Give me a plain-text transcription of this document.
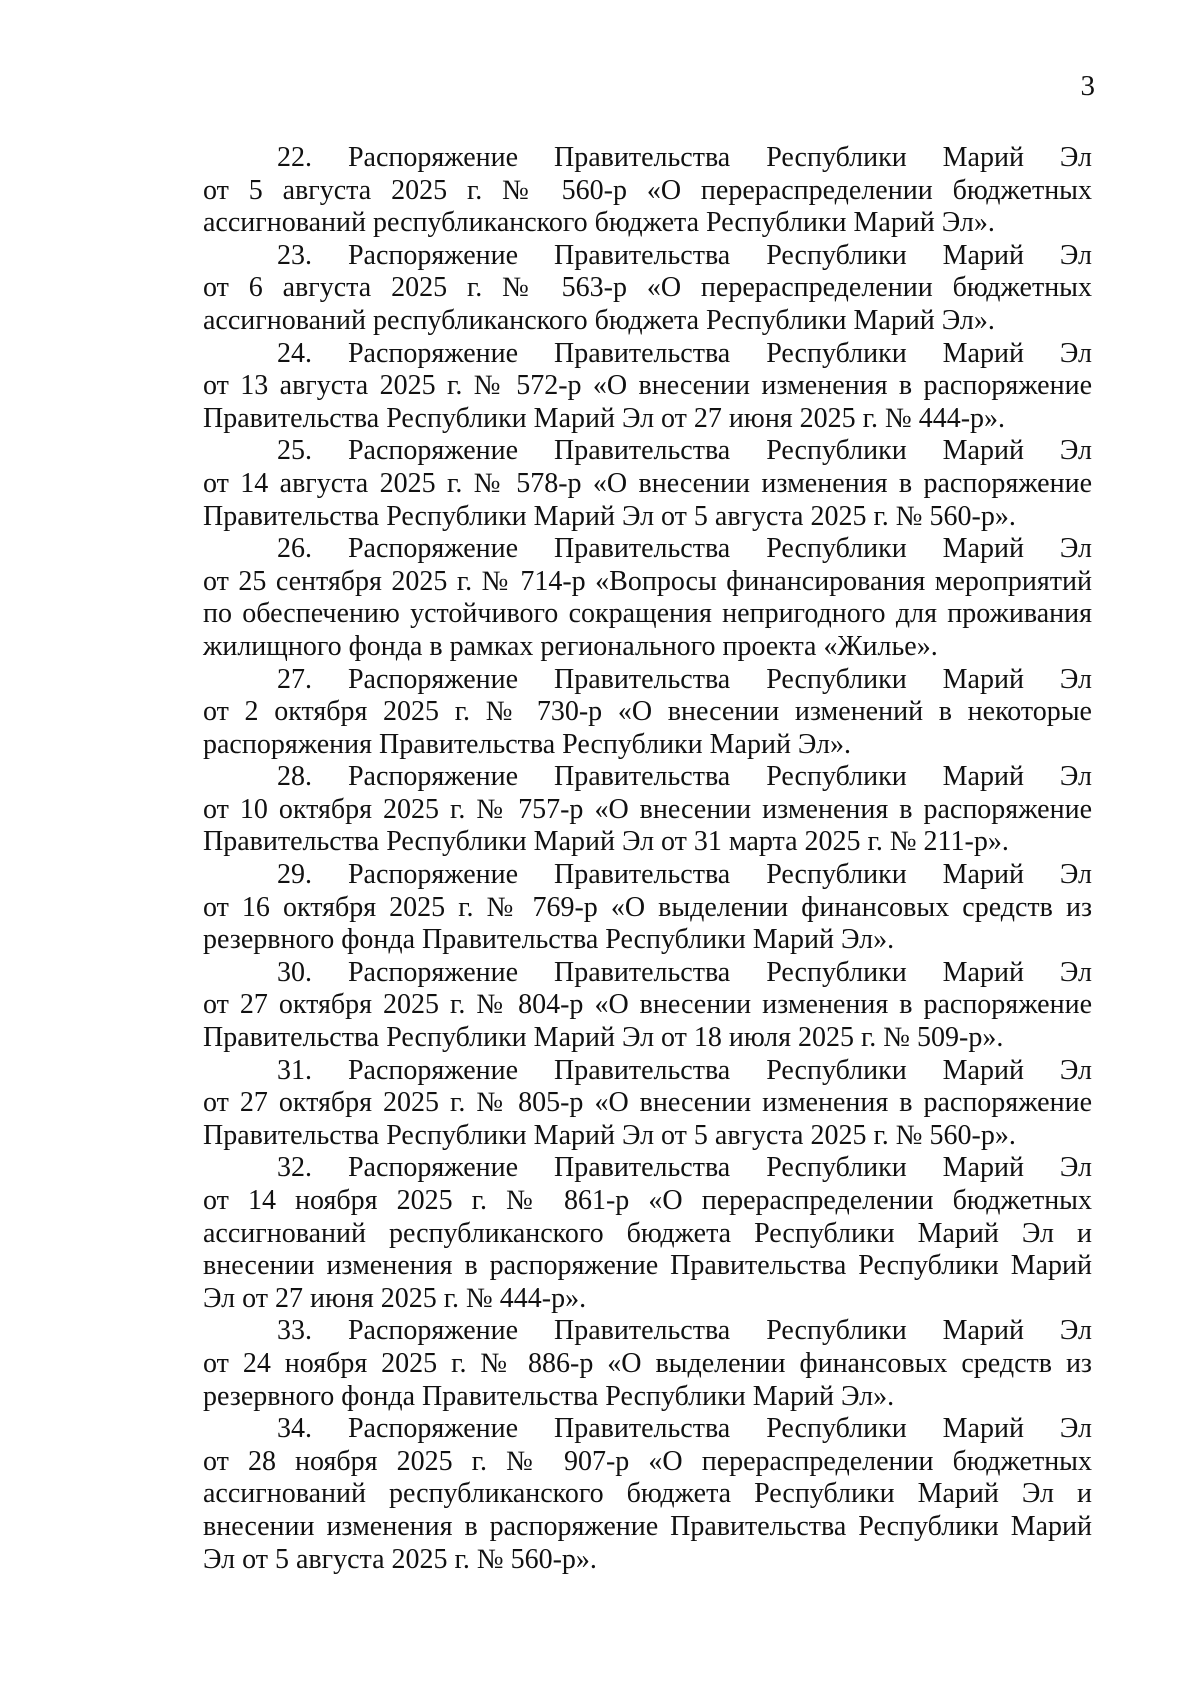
3

22. Распоряжение Правительства Республики Марий Эл
от 5 августа 2025 г. № 560-р «О перераспределении бюджетных ассигнований республиканского бюджета Республики Марий Эл».

23. Распоряжение Правительства Республики Марий Эл
от 6 августа 2025 г. № 563-р «О перераспределении бюджетных ассигнований республиканского бюджета Республики Марий Эл».

24. Распоряжение Правительства Республики Марий Эл
от 13 августа 2025 г. № 572-р «О внесении изменения в распоряжение Правительства Республики Марий Эл от 27 июня 2025 г. № 444-р».

25. Распоряжение Правительства Республики Марий Эл
от 14 августа 2025 г. № 578-р «О внесении изменения в распоряжение Правительства Республики Марий Эл от 5 августа 2025 г. № 560-р».

26. Распоряжение Правительства Республики Марий Эл
от 25 сентября 2025 г. № 714-р «Вопросы финансирования мероприятий по обеспечению устойчивого сокращения непригодного для проживания жилищного фонда в рамках регионального проекта «Жилье».

27. Распоряжение Правительства Республики Марий Эл
от 2 октября 2025 г. № 730-р «О внесении изменений в некоторые распоряжения Правительства Республики Марий Эл».

28. Распоряжение Правительства Республики Марий Эл
от 10 октября 2025 г. № 757-р «О внесении изменения в распоряжение Правительства Республики Марий Эл от 31 марта 2025 г. № 211-р».

29. Распоряжение Правительства Республики Марий Эл
от 16 октября 2025 г. № 769-р «О выделении финансовых средств из резервного фонда Правительства Республики Марий Эл».

30. Распоряжение Правительства Республики Марий Эл
от 27 октября 2025 г. № 804-р «О внесении изменения в распоряжение Правительства Республики Марий Эл от 18 июля 2025 г. № 509-р».

31. Распоряжение Правительства Республики Марий Эл
от 27 октября 2025 г. № 805-р «О внесении изменения в распоряжение Правительства Республики Марий Эл от 5 августа 2025 г. № 560-р».

32. Распоряжение Правительства Республики Марий Эл
от 14 ноября 2025 г. № 861-р «О перераспределении бюджетных ассигнований республиканского бюджета Республики Марий Эл и внесении изменения в распоряжение Правительства Республики Марий Эл от 27 июня 2025 г. № 444-р».

33. Распоряжение Правительства Республики Марий Эл
от 24 ноября 2025 г. № 886-р «О выделении финансовых средств из резервного фонда Правительства Республики Марий Эл».

34. Распоряжение Правительства Республики Марий Эл
от 28 ноября 2025 г. № 907-р «О перераспределении бюджетных ассигнований республиканского бюджета Республики Марий Эл и внесении изменения в распоряжение Правительства Республики Марий Эл от 5 августа 2025 г. № 560-р».
